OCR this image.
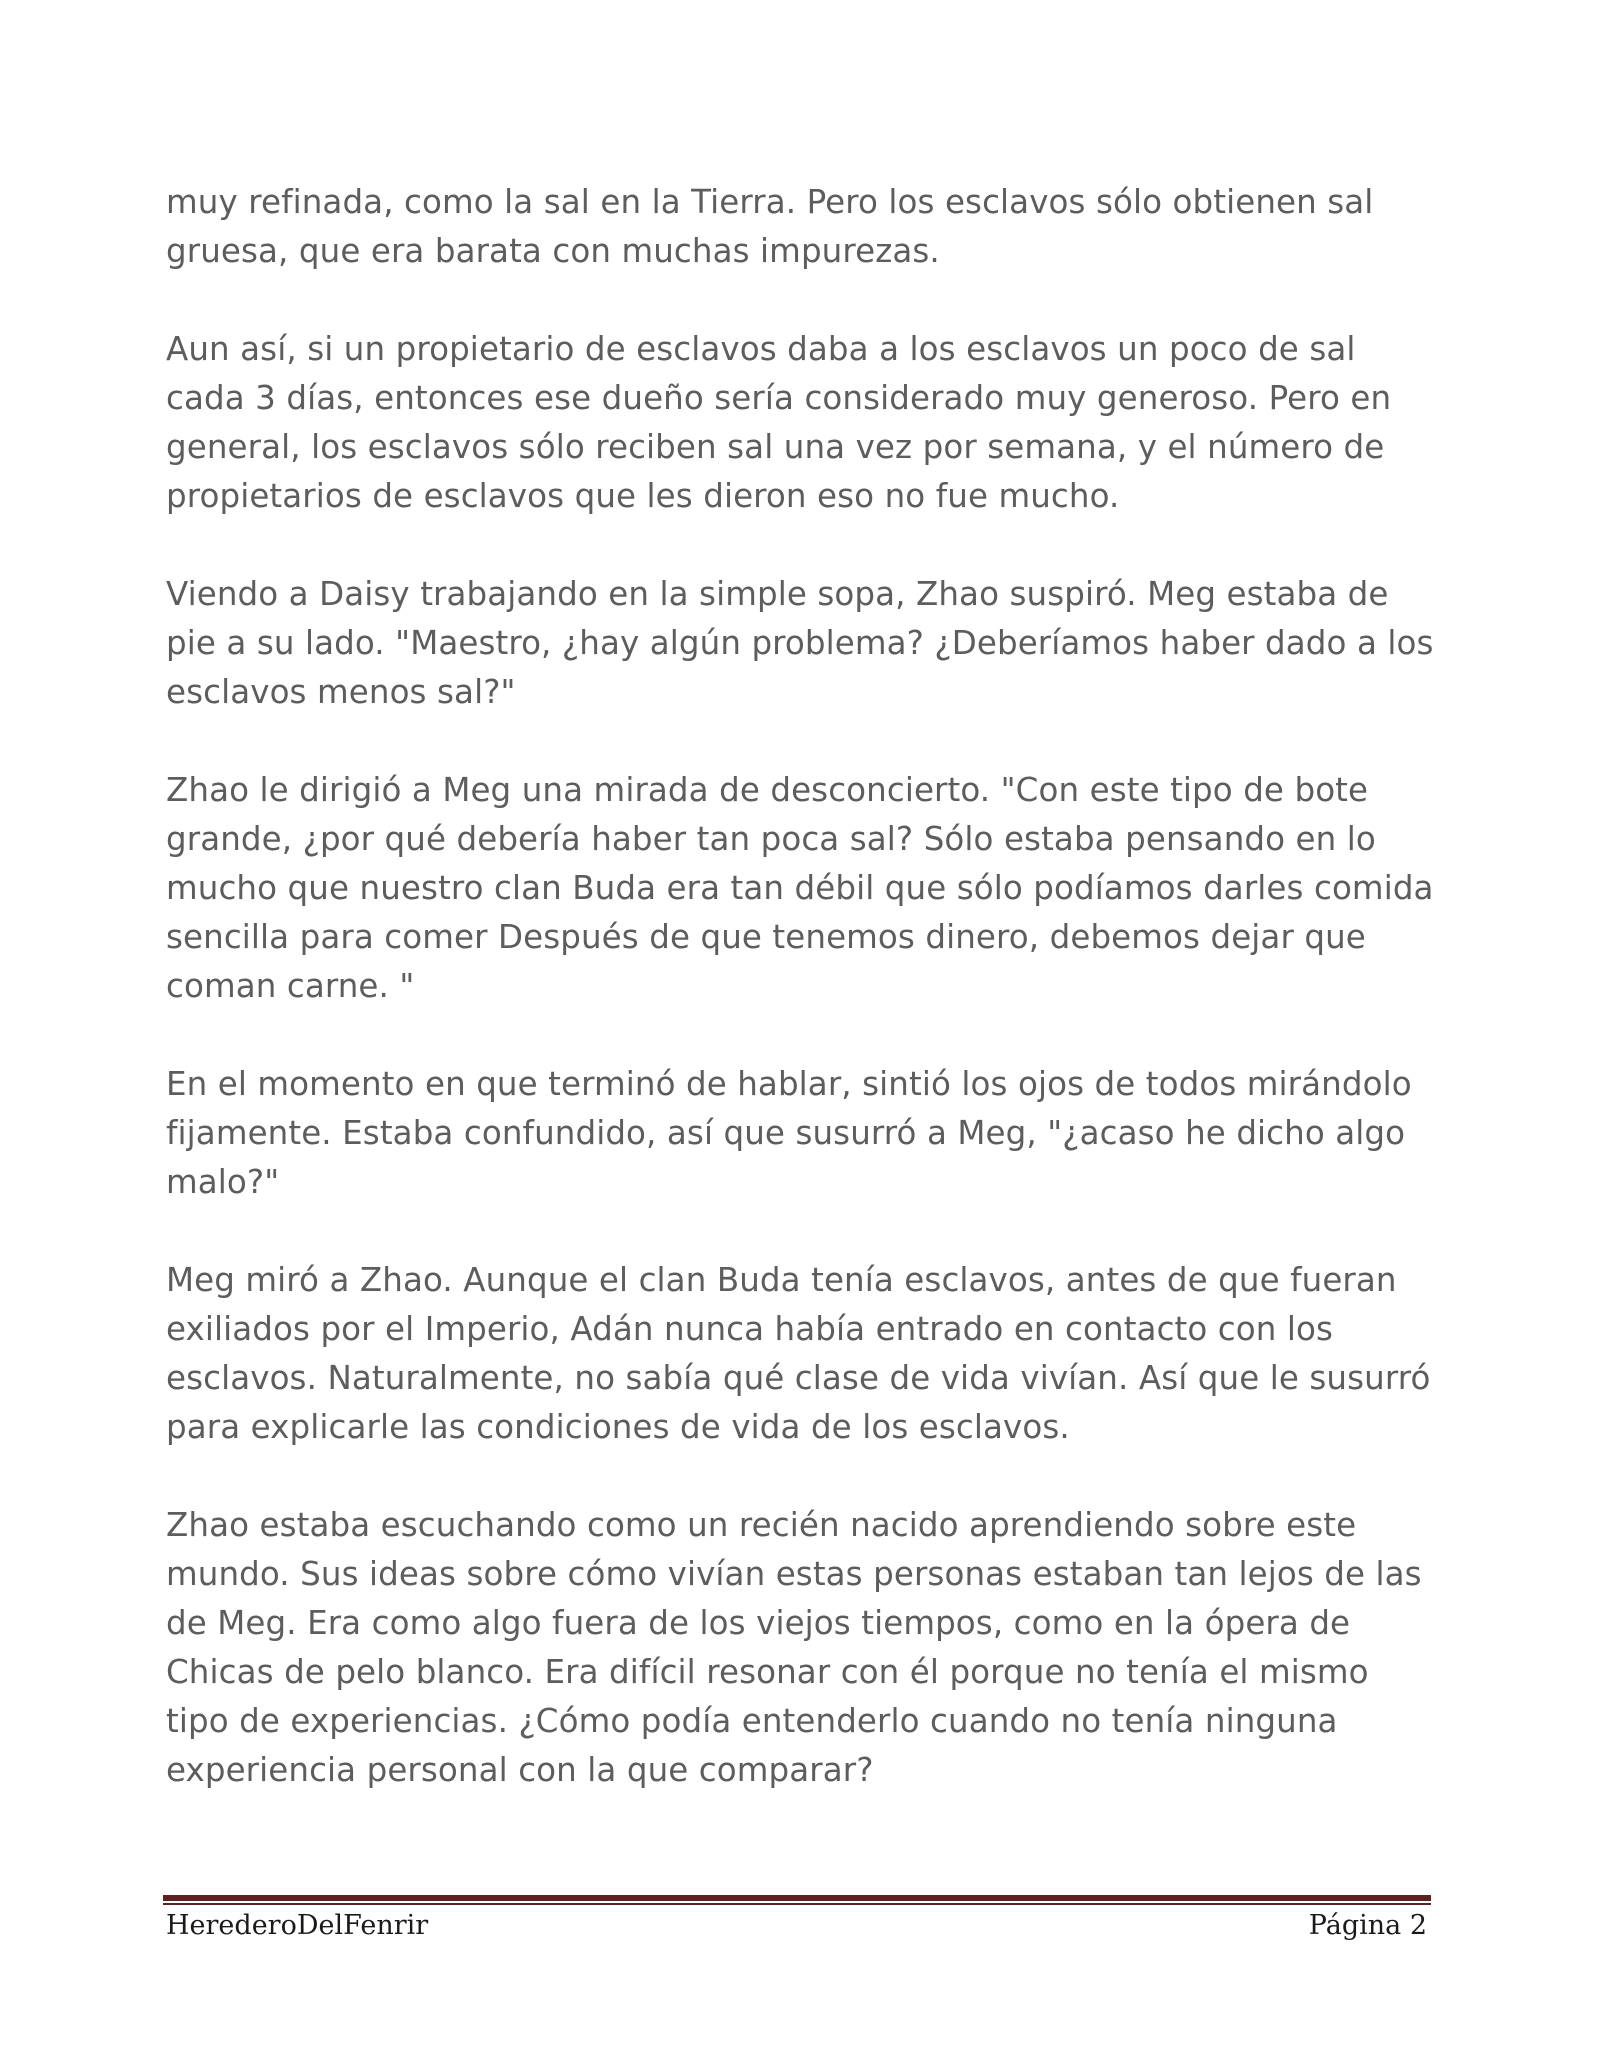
muy refinada, como la sal en la Tierra. Pero los esclavos sólo obtienen sal gruesa, que era barata con muchas impurezas.

Aun así, si un propietario de esclavos daba a los esclavos un poco de sal cada 3 días, entonces ese dueño sería considerado muy generoso. Pero en general, los esclavos sólo reciben sal una vez por semana, y el número de propietarios de esclavos que les dieron eso no fue mucho.

Viendo a Daisy trabajando en la simple sopa, Zhao suspiró. Meg estaba de pie a su lado. "Maestro, ¿hay algún problema? ¿Deberíamos haber dado a los esclavos menos sal?"

Zhao le dirigió a Meg una mirada de desconcierto. "Con este tipo de bote grande, ¿por qué debería haber tan poca sal? Sólo estaba pensando en lo mucho que nuestro clan Buda era tan débil que sólo podíamos darles comida sencilla para comer Después de que tenemos dinero, debemos dejar que coman carne. "

En el momento en que terminó de hablar, sintió los ojos de todos mirándolo fijamente. Estaba confundido, así que susurró a Meg, "¿acaso he dicho algo malo?"

Meg miró a Zhao. Aunque el clan Buda tenía esclavos, antes de que fueran exiliados por el Imperio, Adán nunca había entrado en contacto con los esclavos. Naturalmente, no sabía qué clase de vida vivían. Así que le susurró para explicarle las condiciones de vida de los esclavos.

Zhao estaba escuchando como un recién nacido aprendiendo sobre este mundo. Sus ideas sobre cómo vivían estas personas estaban tan lejos de las de Meg. Era como algo fuera de los viejos tiempos, como en la ópera de Chicas de pelo blanco. Era difícil resonar con él porque no tenía el mismo tipo de experiencias. ¿Cómo podía entenderlo cuando no tenía ninguna experiencia personal con la que comparar?

HerederoDelFenrir	Página 2
